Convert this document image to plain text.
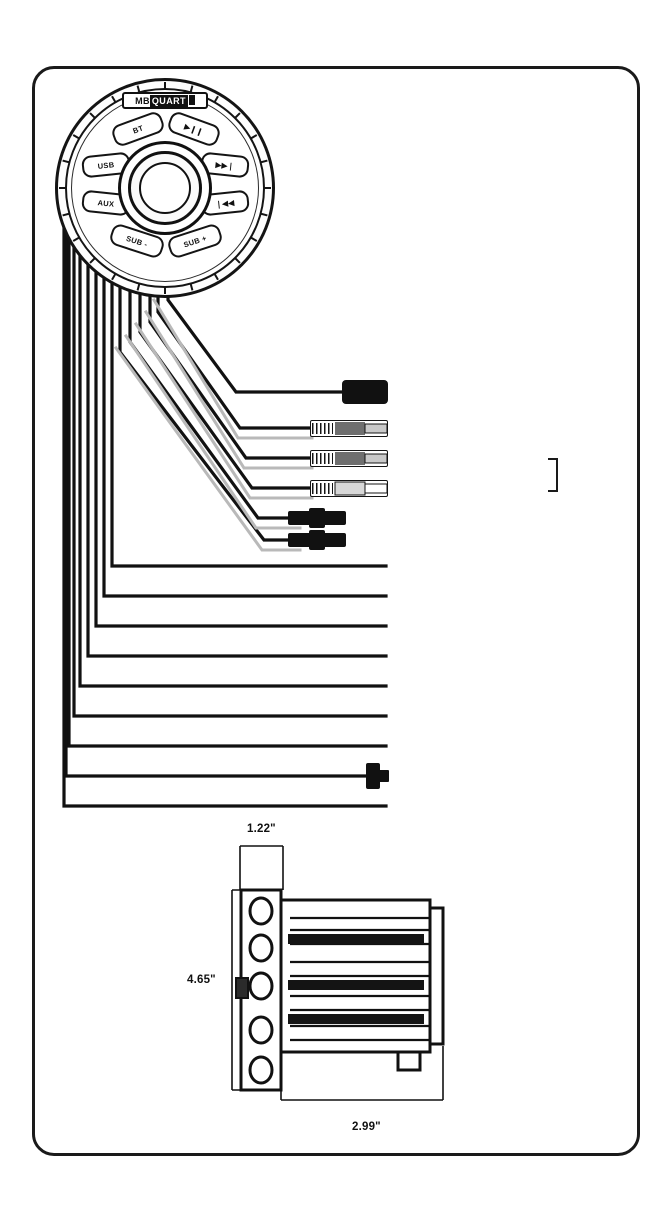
MB QUART
BT	▶❙❙
USB	▶▶❘
AUX	❘◀◀
SUB -	SUB +
1.22"
4.65"
2.99"
